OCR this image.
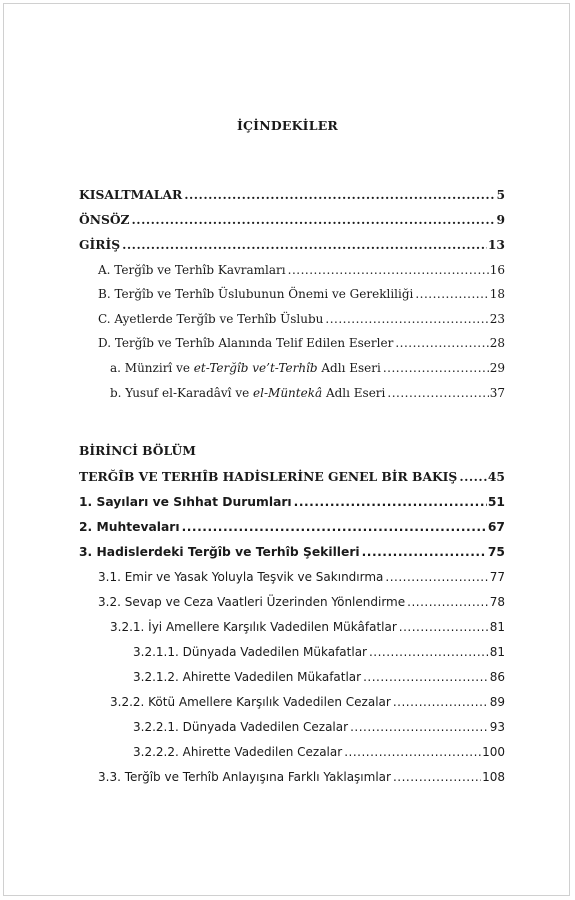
İÇİNDEKİLER
KISALTMALAR .....	5
ÖNSÖZ .....	9
GİRİŞ .....	13
A. Terğîb ve Terhîb Kavramları .....	16
B. Terğîb ve Terhîb Üslubunun Önemi ve Gerekliliği .....	18
C. Ayetlerde Terğîb ve Terhîb Üslubu .....	23
D. Terğîb ve Terhîb Alanında Telif Edilen Eserler .....	28
a. Münzirî ve et-Terğîb ve’t-Terhîb Adlı Eseri .....	29
b. Yusuf el-Karadâvî ve el-Müntekâ Adlı Eseri .....	37
BİRİNCİ BÖLÜM
TERĞÎB VE TERHÎB HADİSLERİNE GENEL BİR BAKIŞ ..... 45
1. Sayıları ve Sıhhat Durumları .....	51
2. Muhtevaları .....	67
3. Hadislerdeki Terğîb ve Terhîb Şekilleri .....	75
3.1. Emir ve Yasak Yoluyla Teşvik ve Sakındırma .....	77
3.2. Sevap ve Ceza Vaatleri Üzerinden Yönlendirme .....	78
3.2.1. İyi Amellere Karşılık Vadedilen Mükâfatlar .....	81
3.2.1.1. Dünyada Vadedilen Mükafatlar .....	81
3.2.1.2. Ahirette Vadedilen Mükafatlar .....	86
3.2.2. Kötü Amellere Karşılık Vadedilen Cezalar .....	89
3.2.2.1. Dünyada Vadedilen Cezalar .....	93
3.2.2.2. Ahirette Vadedilen Cezalar .....	100
3.3. Terğîb ve Terhîb Anlayışına Farklı Yaklaşımlar .....	108
